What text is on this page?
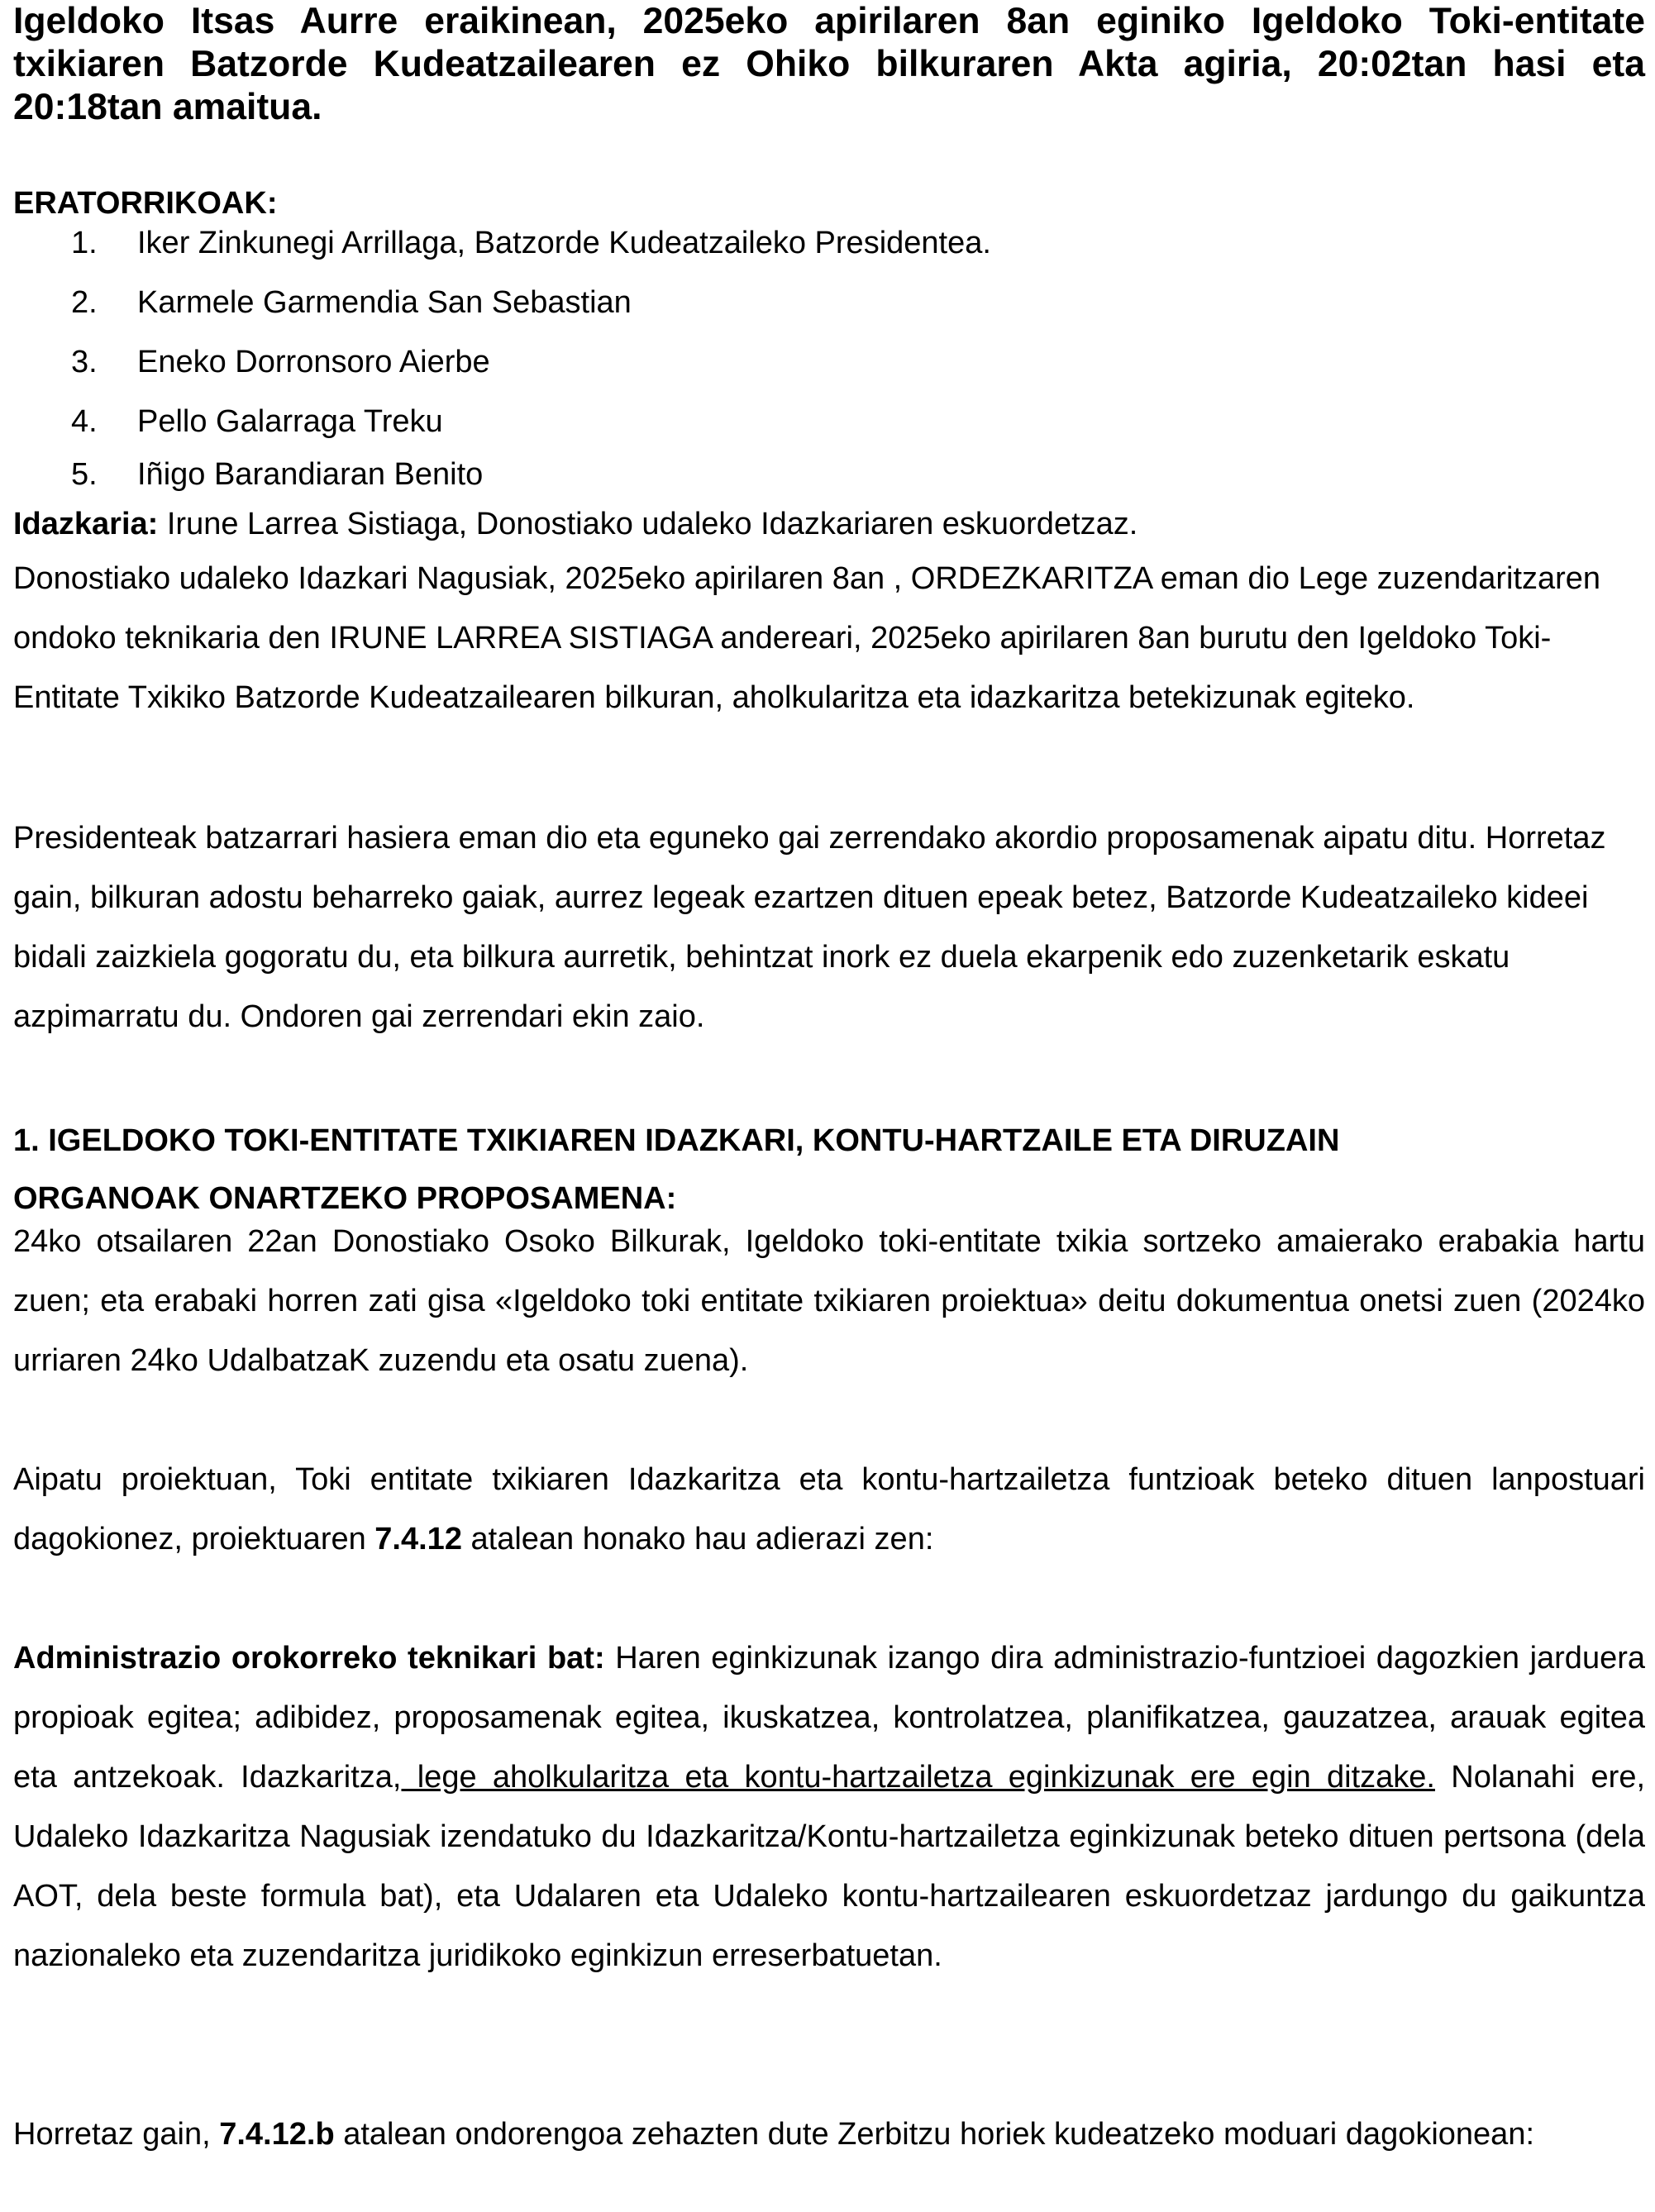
Igeldoko Itsas Aurre eraikinean, 2025eko apirilaren 8an eginiko Igeldoko Toki-entitate txikiaren Batzorde Kudeatzailearen ez Ohiko bilkuraren Akta agiria, 20:02tan hasi eta 20:18tan amaitua.

ERATORRIKOAK:
1. Iker Zinkunegi Arrillaga, Batzorde Kudeatzaileko Presidentea.
2. Karmele Garmendia San Sebastian
3. Eneko Dorronsoro Aierbe
4. Pello Galarraga Treku
5. Iñigo Barandiaran Benito
Idazkaria: Irune Larrea Sistiaga, Donostiako udaleko Idazkariaren eskuordetzaz.

Donostiako udaleko Idazkari Nagusiak, 2025eko apirilaren 8an , ORDEZKARITZA eman dio Lege zuzendaritzaren ondoko teknikaria den IRUNE LARREA SISTIAGA andereari, 2025eko apirilaren 8an burutu den Igeldoko Toki-Entitate Txikiko Batzorde Kudeatzailearen bilkuran, aholkularitza eta idazkaritza betekizunak egiteko.

Presidenteak batzarrari hasiera eman dio eta eguneko gai zerrendako akordio proposamenak aipatu ditu. Horretaz gain, bilkuran adostu beharreko gaiak, aurrez legeak ezartzen dituen epeak betez, Batzorde Kudeatzaileko kideei bidali zaizkiela gogoratu du, eta bilkura aurretik, behintzat inork ez duela ekarpenik edo zuzenketarik eskatu azpimarratu du. Ondoren gai zerrendari ekin zaio.

1. IGELDOKO TOKI-ENTITATE TXIKIAREN IDAZKARI, KONTU-HARTZAILE ETA DIRUZAIN
ORGANOAK ONARTZEKO PROPOSAMENA:

24ko otsailaren 22an Donostiako Osoko Bilkurak, Igeldoko toki-entitate txikia sortzeko amaierako erabakia hartu zuen; eta erabaki horren zati gisa «Igeldoko toki entitate txikiaren proiektua» deitu dokumentua onetsi zuen (2024ko urriaren 24ko UdalbatzaK zuzendu eta osatu zuena).

Aipatu proiektuan, Toki entitate txikiaren Idazkaritza eta kontu-hartzailetza funtzioak beteko dituen lanpostuari dagokionez, proiektuaren 7.4.12 atalean honako hau adierazi zen:

Administrazio orokorreko teknikari bat: Haren eginkizunak izango dira administrazio-funtzioei dagozkien jarduera propioak egitea; adibidez, proposamenak egitea, ikuskatzea, kontrolatzea, planifikatzea, gauzatzea, arauak egitea eta antzekoak. Idazkaritza, lege aholkularitza eta kontu-hartzailetza eginkizunak ere egin ditzake. Nolanahi ere, Udaleko Idazkaritza Nagusiak izendatuko du Idazkaritza/Kontu-hartzailetza eginkizunak beteko dituen pertsona (dela AOT, dela beste formula bat), eta Udalaren eta Udaleko kontu-hartzailearen eskuordetzaz jardungo du gaikuntza nazionaleko eta zuzendaritza juridikoko eginkizun erreserbatuetan.

Horretaz gain, 7.4.12.b atalean ondorengoa zehazten dute Zerbitzu horiek kudeatzeko moduari dagokionean:
